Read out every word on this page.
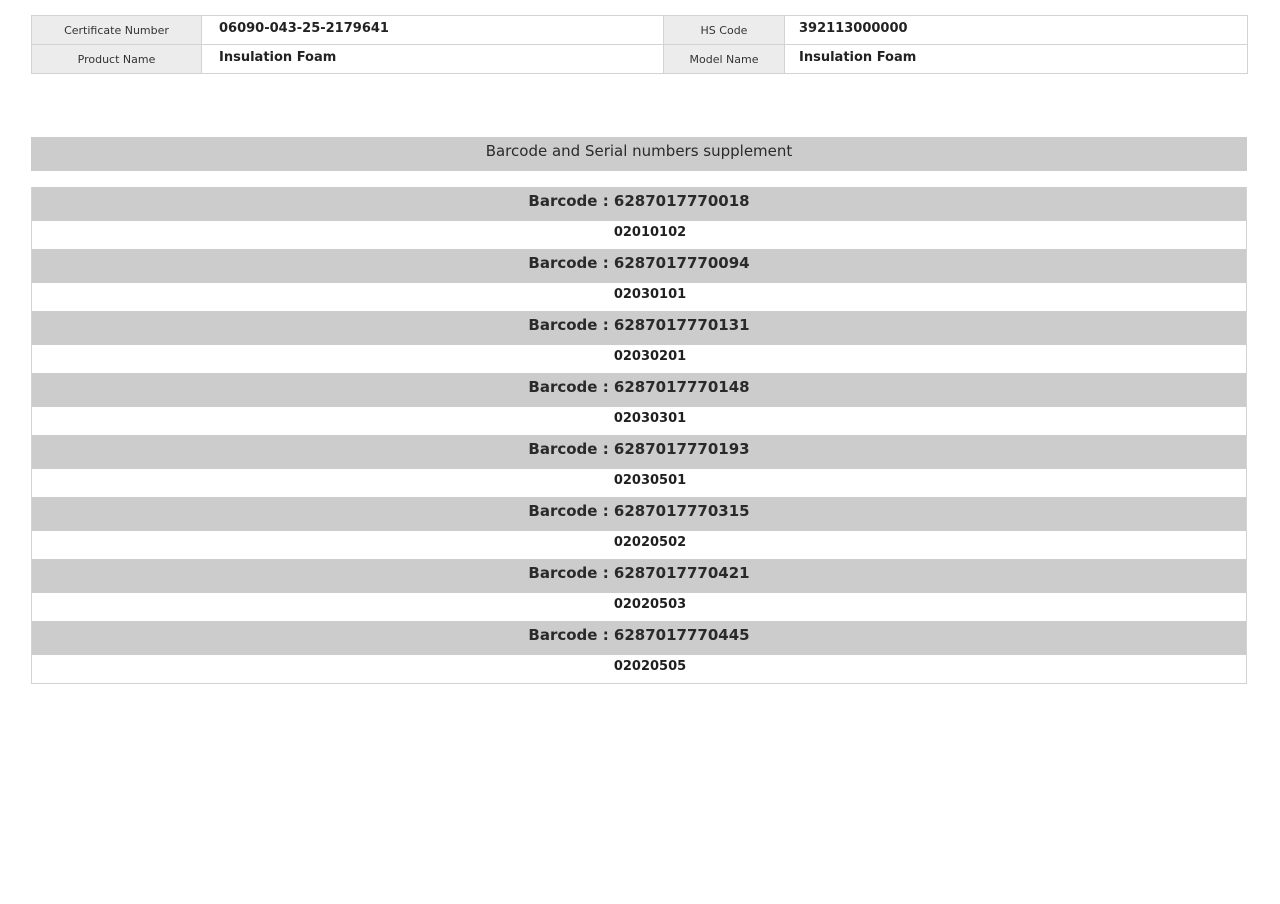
Certificate Number	06090-043-25-2179641	HS Code	392113000000
Product Name	Insulation Foam	Model Name	Insulation Foam
Barcode and Serial numbers supplement
Barcode : 6287017770018
02010102
Barcode : 6287017770094
02030101
Barcode : 6287017770131
02030201
Barcode : 6287017770148
02030301
Barcode : 6287017770193
02030501
Barcode : 6287017770315
02020502
Barcode : 6287017770421
02020503
Barcode : 6287017770445
02020505
